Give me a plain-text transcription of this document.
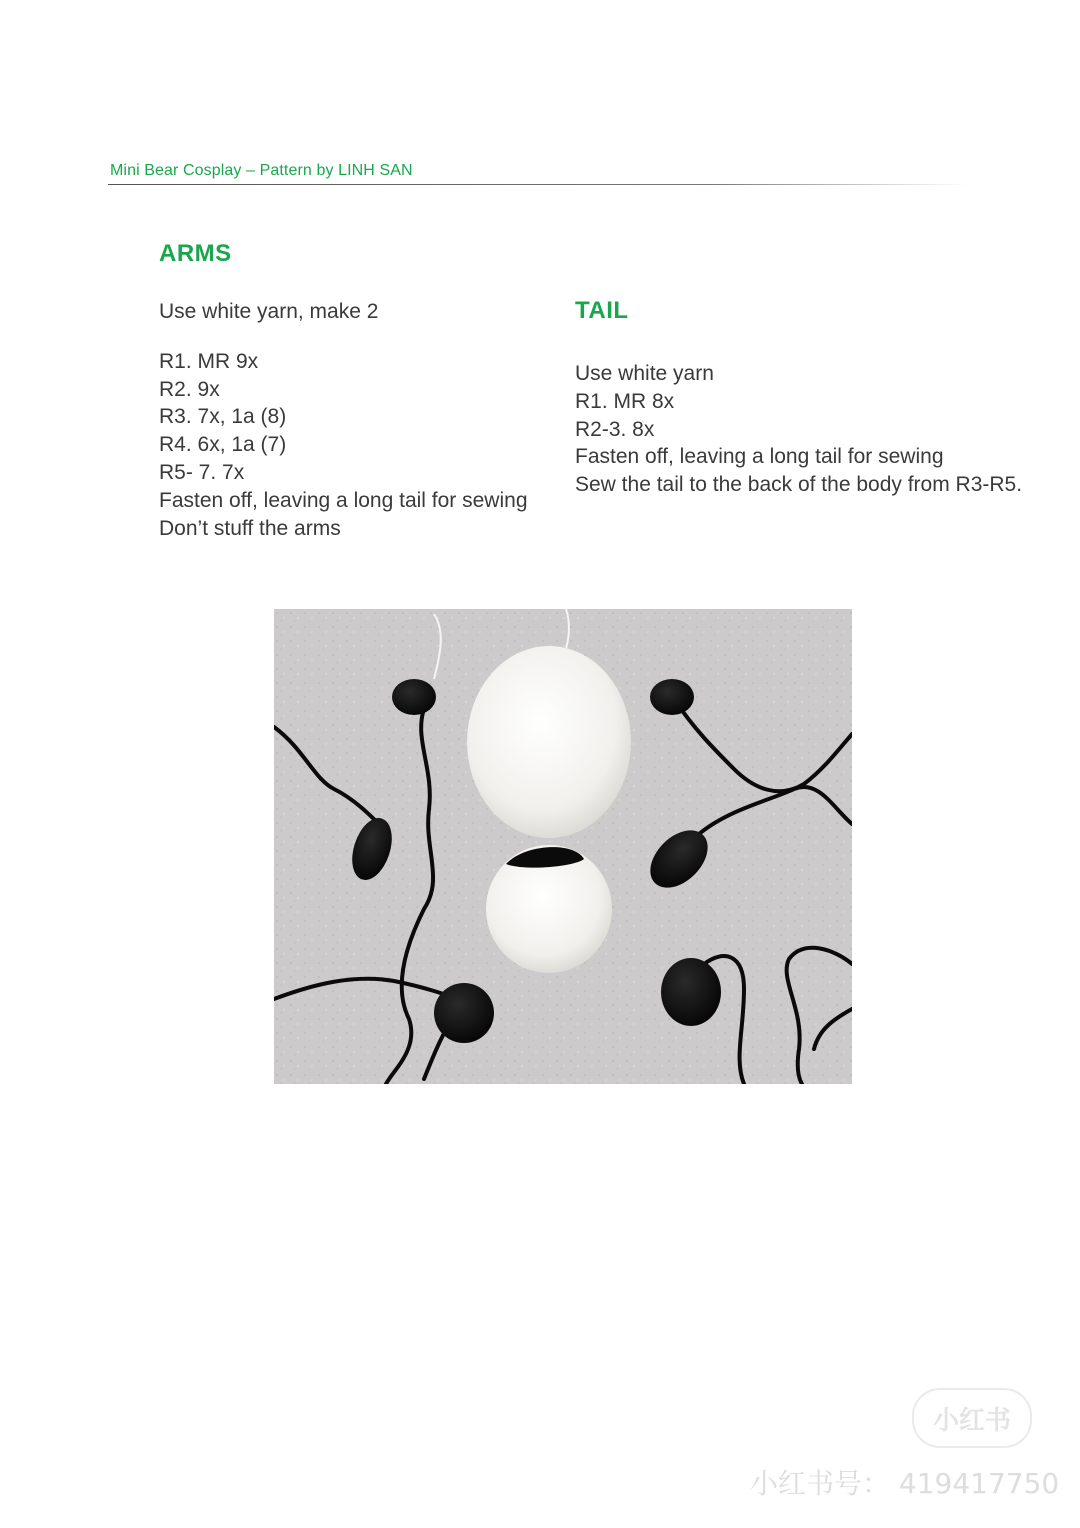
Mini Bear Cosplay – Pattern by LINH SAN
ARMS
Use white yarn, make 2
R1. MR 9x
R2. 9x
R3. 7x, 1a (8)
R4. 6x, 1a (7)
R5- 7. 7x
Fasten off, leaving a long tail for sewing
Don’t stuff the arms
TAIL
Use white yarn
R1. MR 8x
R2-3. 8x
Fasten off, leaving a long tail for sewing
Sew the tail to the back of the body from R3-R5.
小红书
小红书号： 419417750
